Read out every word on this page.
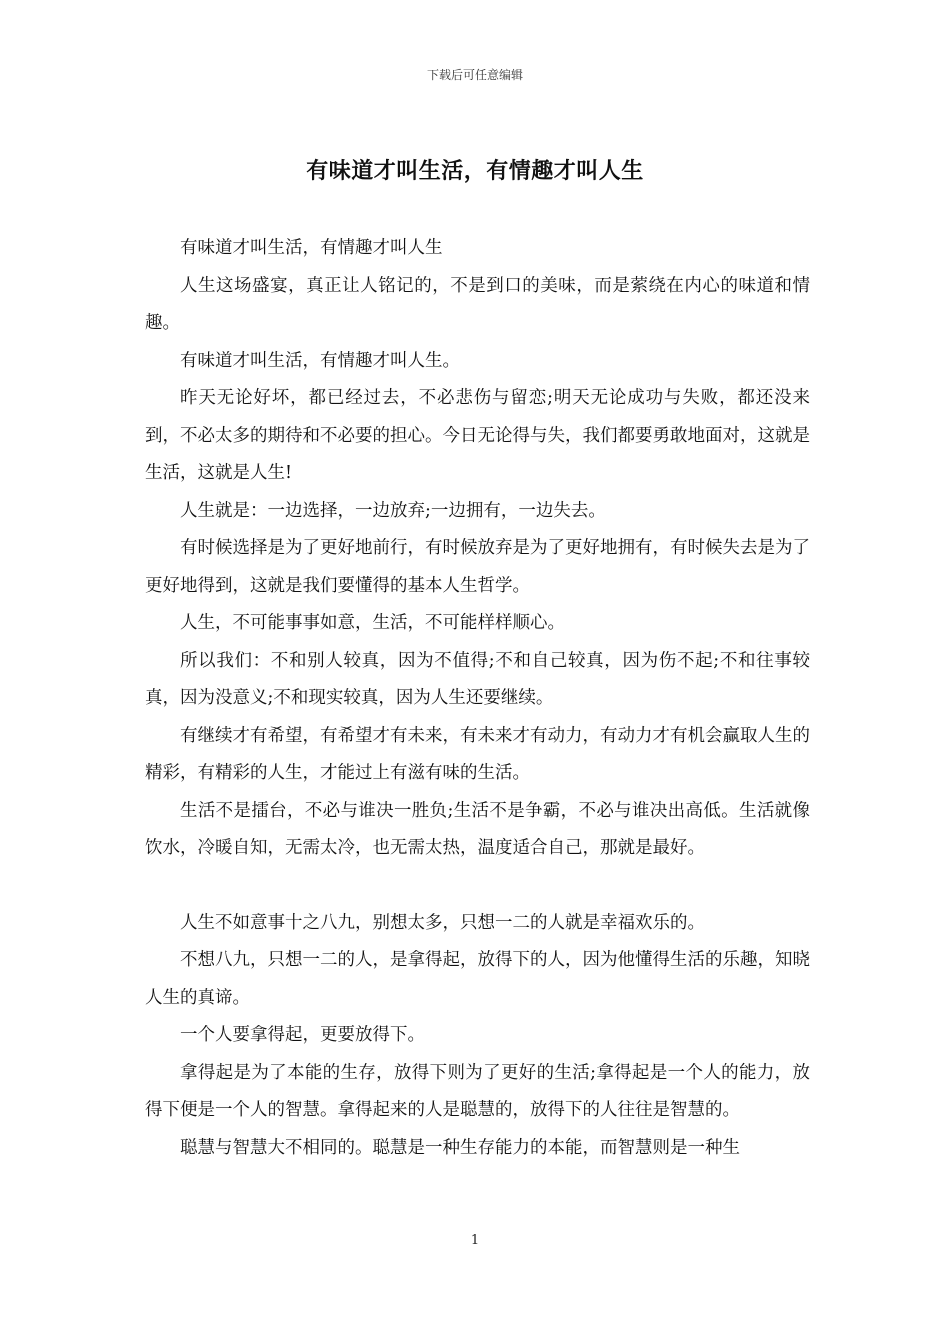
下载后可任意编辑
有味道才叫生活，有情趣才叫人生

有味道才叫生活，有情趣才叫人生

人生这场盛宴，真正让人铭记的，不是到口的美味，而是萦绕在内心的味道和情趣。

有味道才叫生活，有情趣才叫人生。

昨天无论好坏，都已经过去，不必悲伤与留恋;明天无论成功与失败，都还没来到，不必太多的期待和不必要的担心。今日无论得与失，我们都要勇敢地面对，这就是生活，这就是人生!

人生就是：一边选择，一边放弃;一边拥有，一边失去。

有时候选择是为了更好地前行，有时候放弃是为了更好地拥有，有时候失去是为了更好地得到，这就是我们要懂得的基本人生哲学。

人生，不可能事事如意，生活，不可能样样顺心。

所以我们：不和别人较真，因为不值得;不和自己较真，因为伤不起;不和往事较真，因为没意义;不和现实较真，因为人生还要继续。

有继续才有希望，有希望才有未来，有未来才有动力，有动力才有机会赢取人生的精彩，有精彩的人生，才能过上有滋有味的生活。

生活不是擂台，不必与谁决一胜负;生活不是争霸，不必与谁决出高低。生活就像饮水，冷暖自知，无需太冷，也无需太热，温度适合自己，那就是最好。

人生不如意事十之八九，别想太多，只想一二的人就是幸福欢乐的。

不想八九，只想一二的人，是拿得起，放得下的人，因为他懂得生活的乐趣，知晓人生的真谛。

一个人要拿得起，更要放得下。

拿得起是为了本能的生存，放得下则为了更好的生活;拿得起是一个人的能力，放得下便是一个人的智慧。拿得起来的人是聪慧的，放得下的人往往是智慧的。

聪慧与智慧大不相同的。聪慧是一种生存能力的本能，而智慧则是一种生

1
